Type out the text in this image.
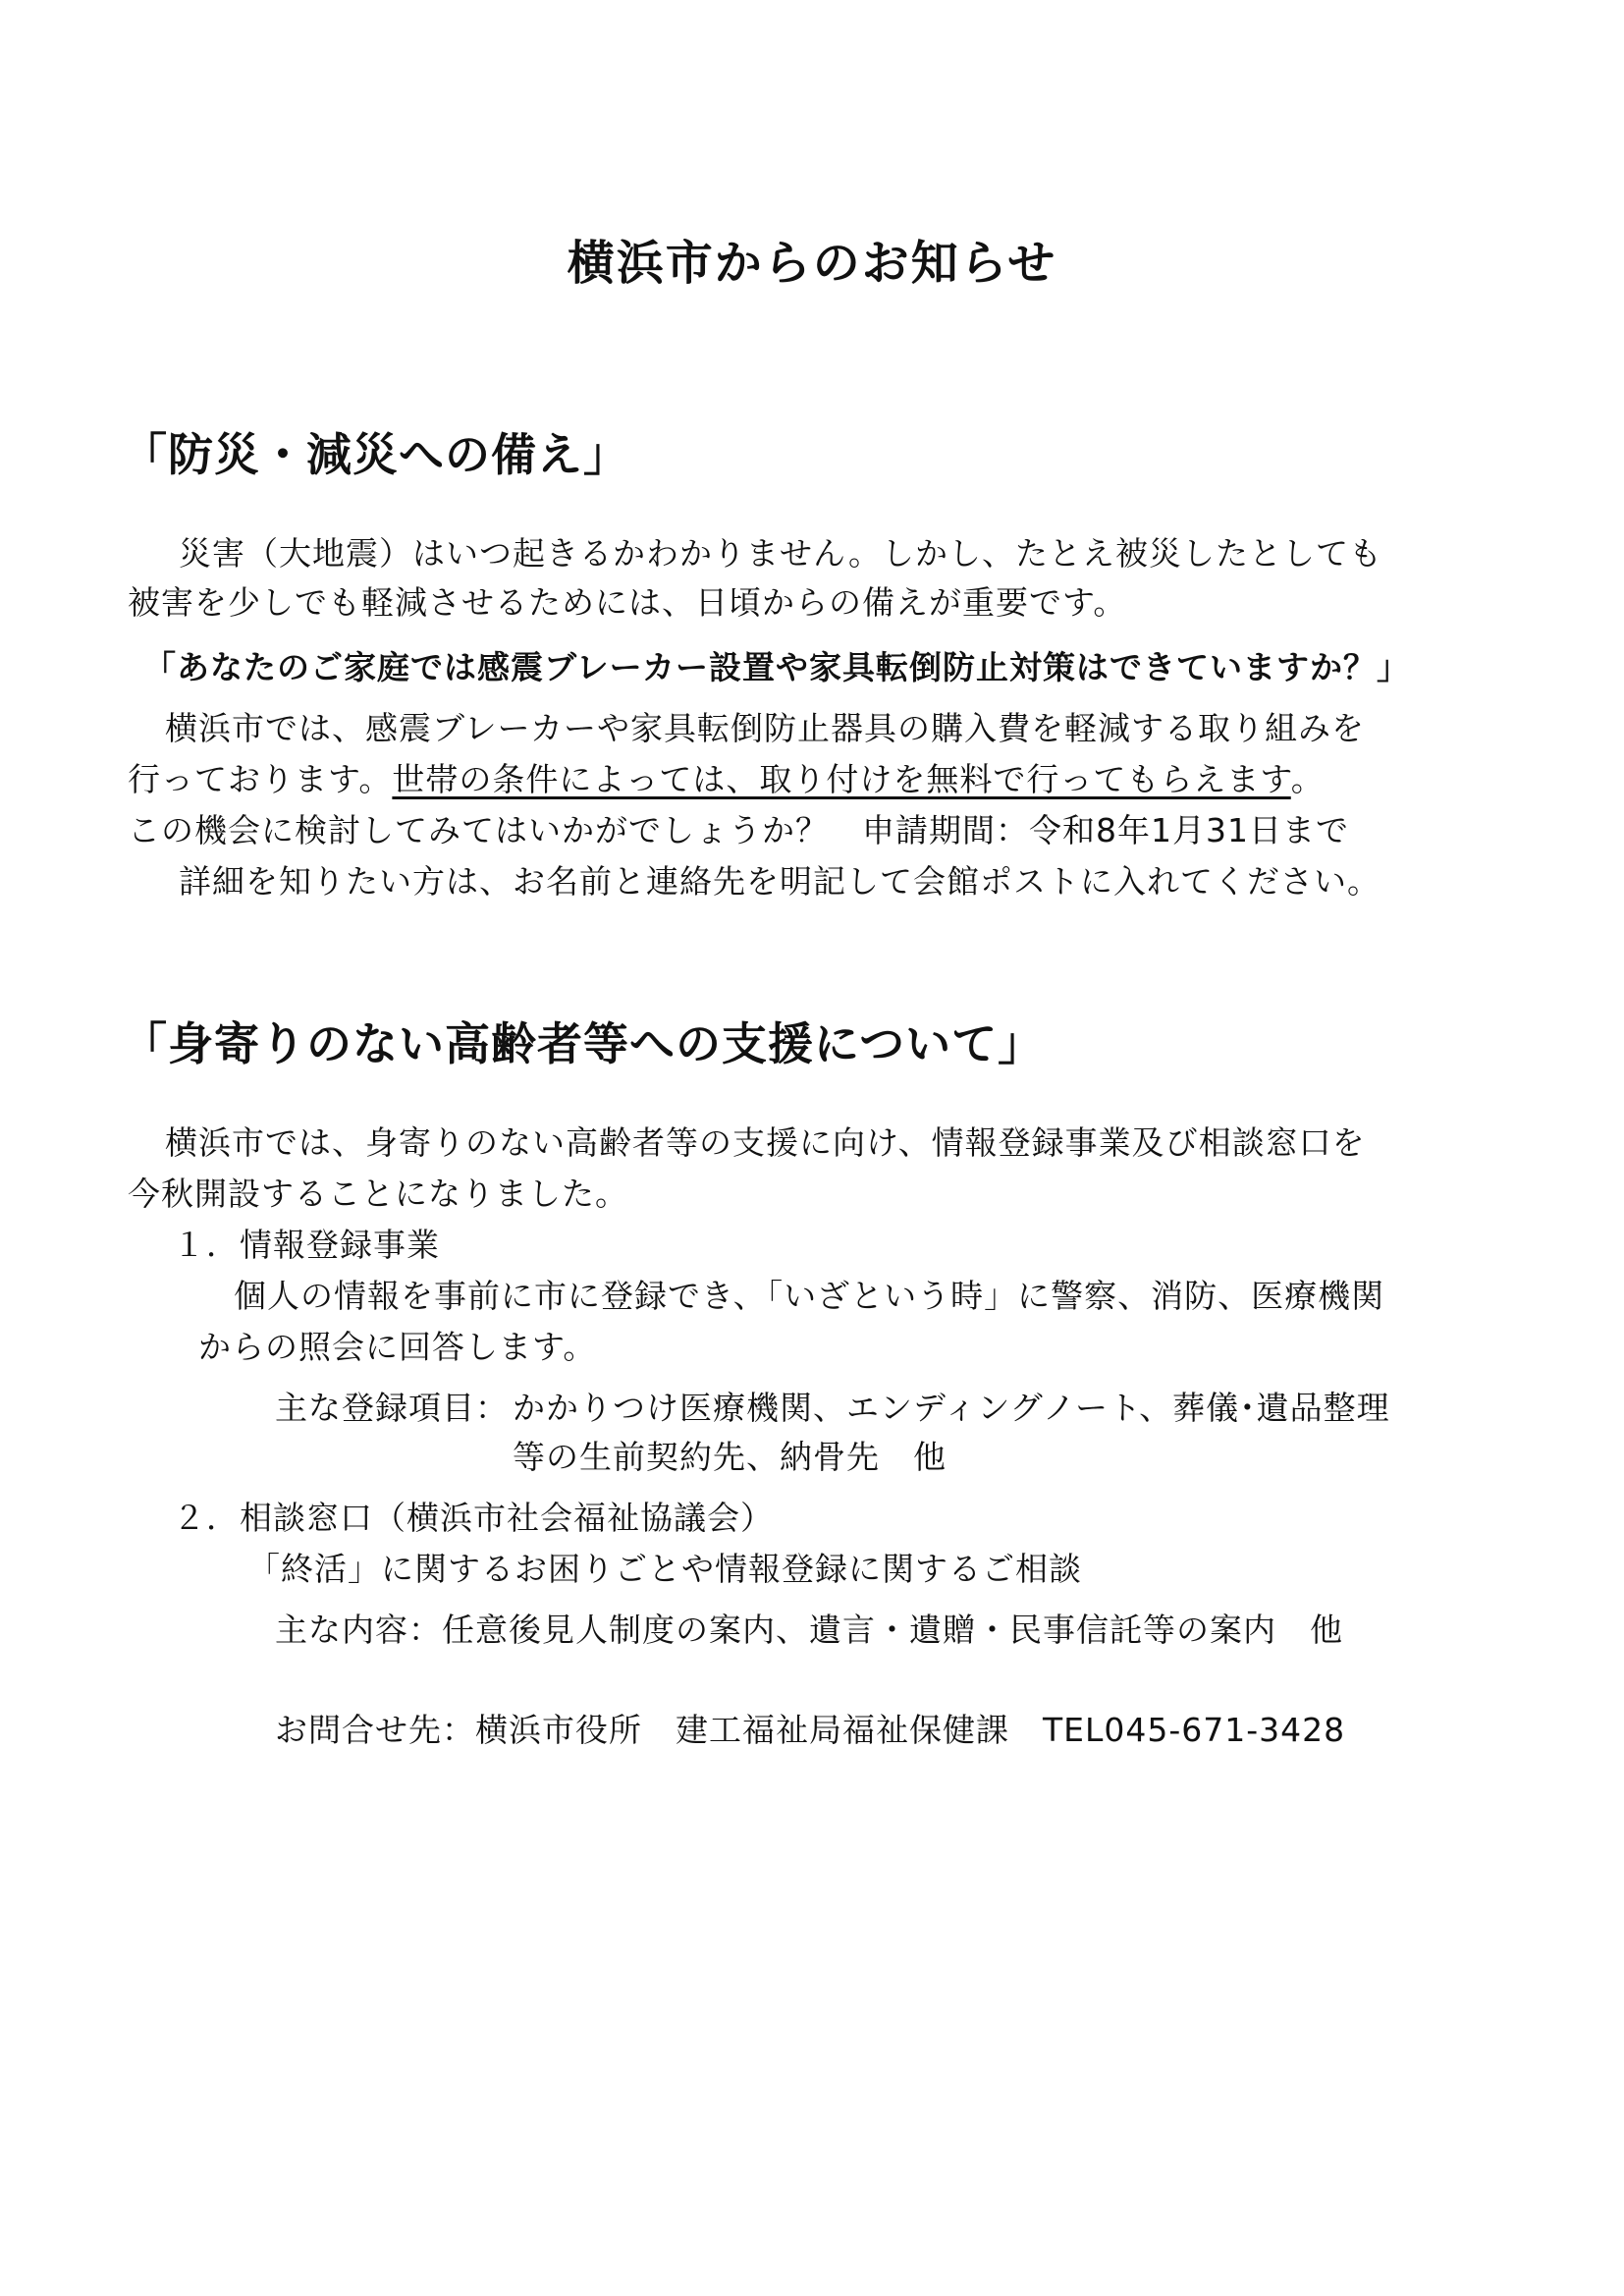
横浜市からのお知らせ
「防災・減災への備え」
災害（大地震）はいつ起きるかわかりません。しかし、たとえ被災したとしても
被害を少しでも軽減させるためには、日頃からの備えが重要です。
「あなたのご家庭では感震ブレーカー設置や家具転倒防止対策はできていますか？」
横浜市では、感震ブレーカーや家具転倒防止器具の購入費を軽減する取り組みを
行っております。世帯の条件によっては、取り付けを無料で行ってもらえます。
この機会に検討してみてはいかがでしょうか？　申請期間：令和8年1月31日まで
詳細を知りたい方は、お名前と連絡先を明記して会館ポストに入れてください。
「身寄りのない高齢者等への支援について」
横浜市では、身寄りのない高齢者等の支援に向け、情報登録事業及び相談窓口を
今秋開設することになりました。
１．情報登録事業
個人の情報を事前に市に登録でき、「いざという時」に警察、消防、医療機関
からの照会に回答します。
主な登録項目： かかりつけ医療機関、エンディングノート、葬儀･遺品整理
等の生前契約先、納骨先　他
２．相談窓口（横浜市社会福祉協議会）
「終活」に関するお困りごとや情報登録に関するご相談
主な内容：任意後見人制度の案内、遺言・遺贈・民事信託等の案内　他
お問合せ先：横浜市役所　建工福祉局福祉保健課　TEL045-671-3428
